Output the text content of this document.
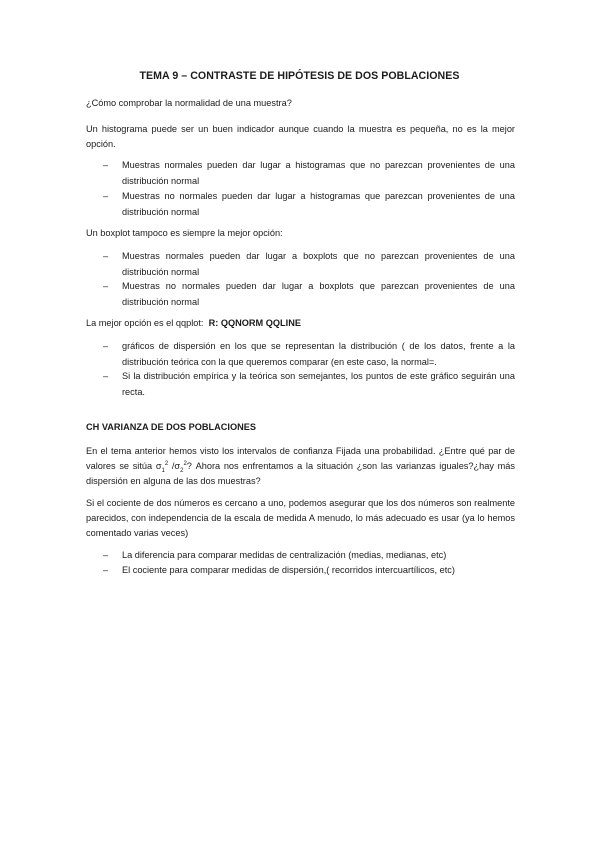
TEMA 9 – CONTRASTE DE HIPÓTESIS DE DOS POBLACIONES
¿Cómo comprobar la normalidad de una muestra?
Un histograma puede ser un buen indicador aunque cuando la muestra es pequeña, no es la mejor opción.
– Muestras normales pueden dar lugar a histogramas que no parezcan provenientes de una distribución normal
– Muestras no normales pueden dar lugar a histogramas que parezcan provenientes de una distribución normal
Un boxplot tampoco es siempre la mejor opción:
– Muestras normales pueden dar lugar a boxplots que no parezcan provenientes de una distribución normal
– Muestras no normales pueden dar lugar a boxplots que parezcan provenientes de una distribución normal
La mejor opción es el qqplot: R: QQNORM QQLINE
– gráficos de dispersión en los que se representan la distribución ( de los datos, frente a la distribución teórica con la que queremos comparar (en este caso, la normal=.
– Si la distribución empírica y la teórica son semejantes, los puntos de este gráfico seguirán una recta.
CH VARIANZA DE DOS POBLACIONES
En el tema anterior hemos visto los intervalos de confianza Fijada una probabilidad. ¿Entre qué par de valores se sitúa $\sigma_1^2$ $/\sigma_2^2$? Ahora nos enfrentamos a la situación ¿son las varianzas iguales?¿hay más dispersión en alguna de las dos muestras?
Si el cociente de dos números es cercano a uno, podemos asegurar que los dos números son realmente parecidos, con independencia de la escala de medida A menudo, lo más adecuado es usar (ya lo hemos comentado varias veces)
– La diferencia para comparar medidas de centralización (medias, medianas, etc)
– El cociente para comparar medidas de dispersión,( recorridos intercuartílicos, etc)
